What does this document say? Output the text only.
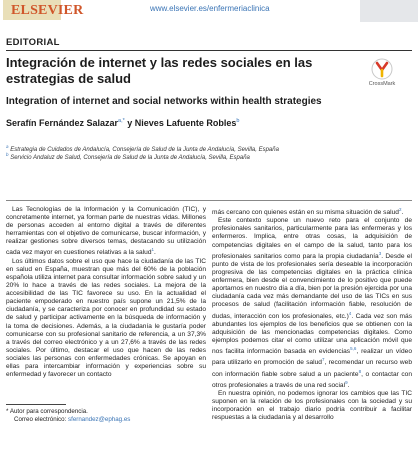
ELSEVIER	www.elsevier.es/enfermeriaclinica
EDITORIAL
Integración de internet y las redes sociales en las estrategias de salud	CrossMark
Integration of internet and social networks within health strategies
Serafín Fernández Salazar$^{a,*}$ y Nieves Lafuente Robles$^b$
$^a$ Estrategia de Cuidados de Andalucía, Consejería de Salud de la Junta de Andalucía, Sevilla, España
$^b$ Servicio Andaluz de Salud, Consejería de Salud de la Junta de Andalucía, Sevilla, España

Las Tecnologías de la Información y la Comunicación (TIC), y concretamente internet, ya forman parte de nuestras vidas. Millones de personas acceden al entorno digital a través de diferentes herramientas con el objetivo de comunicarse, buscar información, y realizar gestiones sobre diversos temas, destacando su utilización cada vez mayor en cuestiones relativas a la salud$^1$.

Los últimos datos sobre el uso que hace la ciudadanía de las TIC en salud en España, muestran que más del 60% de la población española utiliza internet para consultar información sobre salud y un 20% lo hace a través de las redes sociales. La mejora de la accesibilidad de las TIC favorece su uso. En la actualidad el paciente empoderado en nuestro país supone un 21,5% de la ciudadanía, y se caracteriza por conocer en profundidad su estado de salud y participar activamente en la búsqueda de información y la toma de decisiones. Además, a la ciudadanía le gustaría poder comunicarse con su profesional sanitario de referencia, a un 37,3% a través del correo electrónico y a un 27,6% a través de las redes sociales. Por último, destacar el uso que hacen de las redes sociales las personas con enfermedades crónicas. Se apoyan en ellas para intercambiar información y experiencias sobre su enfermedad y favorecer un contacto

más cercano con quienes están en su misma situación de salud$^2$.

Este contexto supone un nuevo reto para el conjunto de profesionales sanitarios, particularmente para las enfermeras y los enfermeros. Implica, entre otras cosas, la adquisición de competencias digitales en el campo de la salud, tanto para los profesionales sanitarios como para la propia ciudadanía$^3$. Desde el punto de vista de los profesionales sería deseable la incorporación progresiva de las competencias digitales en la práctica clínica enfermera, bien desde el convencimiento de lo positivo que puede aportarnos en nuestro día a día, bien por la presión ejercida por una ciudadanía cada vez más demandante del uso de las TICs en sus procesos de salud (facilitación información fiable, resolución de dudas, interacción con los profesionales, etc.)$^4$. Cada vez son más abundantes los ejemplos de los beneficios que se obtienen con la adquisición de las mencionadas competencias digitales. Como ejemplos podemos citar el como utilizar una aplicación móvil que nos facilita información basada en evidencias$^{5,6}$, realizar un vídeo para utilizarlo en promoción de salud$^7$, recomendar un recurso web con información fiable sobre salud a un paciente$^8$, o contactar con otros profesionales a través de una red social$^9$.

En nuestra opinión, no podemos ignorar los cambios que las TIC suponen en la relación de los profesionales con la sociedad y su incorporación en el trabajo diario podría contribuir a facilitar respuestas a la ciudadanía y al desarrollo

* Autor para correspondencia.
Correo electrónico: sfernandez@ephag.es
